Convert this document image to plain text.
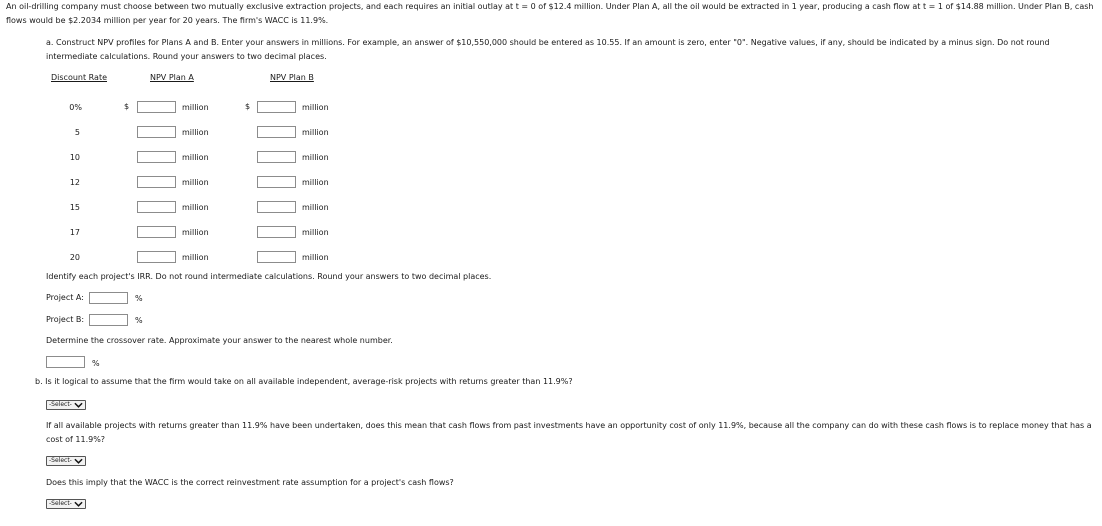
An oil-drilling company must choose between two mutually exclusive extraction projects, and each requires an initial outlay at t = 0 of $12.4 million. Under Plan A, all the oil would be extracted in 1 year, producing a cash flow at t = 1 of $14.88 million. Under Plan B, cash flows would be $2.2034 million per year for 20 years. The firm's WACC is 11.9%.
a. Construct NPV profiles for Plans A and B. Enter your answers in millions. For example, an answer of $10,550,000 should be entered as 10.55. If an amount is zero, enter "0". Negative values, if any, should be indicated by a minus sign. Do not round intermediate calculations. Round your answers to two decimal places.
Discount Rate	NPV Plan A	NPV Plan B
0%	$	million	$	million
5	million	million
10	million	million
12	million	million
15	million	million
17	million	million
20	million	million
Identify each project's IRR. Do not round intermediate calculations. Round your answers to two decimal places.
Project A:	%
Project B:	%
Determine the crossover rate. Approximate your answer to the nearest whole number.
%
b. Is it logical to assume that the firm would take on all available independent, average-risk projects with returns greater than 11.9%?
-Select-
If all available projects with returns greater than 11.9% have been undertaken, does this mean that cash flows from past investments have an opportunity cost of only 11.9%, because all the company can do with these cash flows is to replace money that has a cost of 11.9%?
-Select-
Does this imply that the WACC is the correct reinvestment rate assumption for a project's cash flows?
-Select-
